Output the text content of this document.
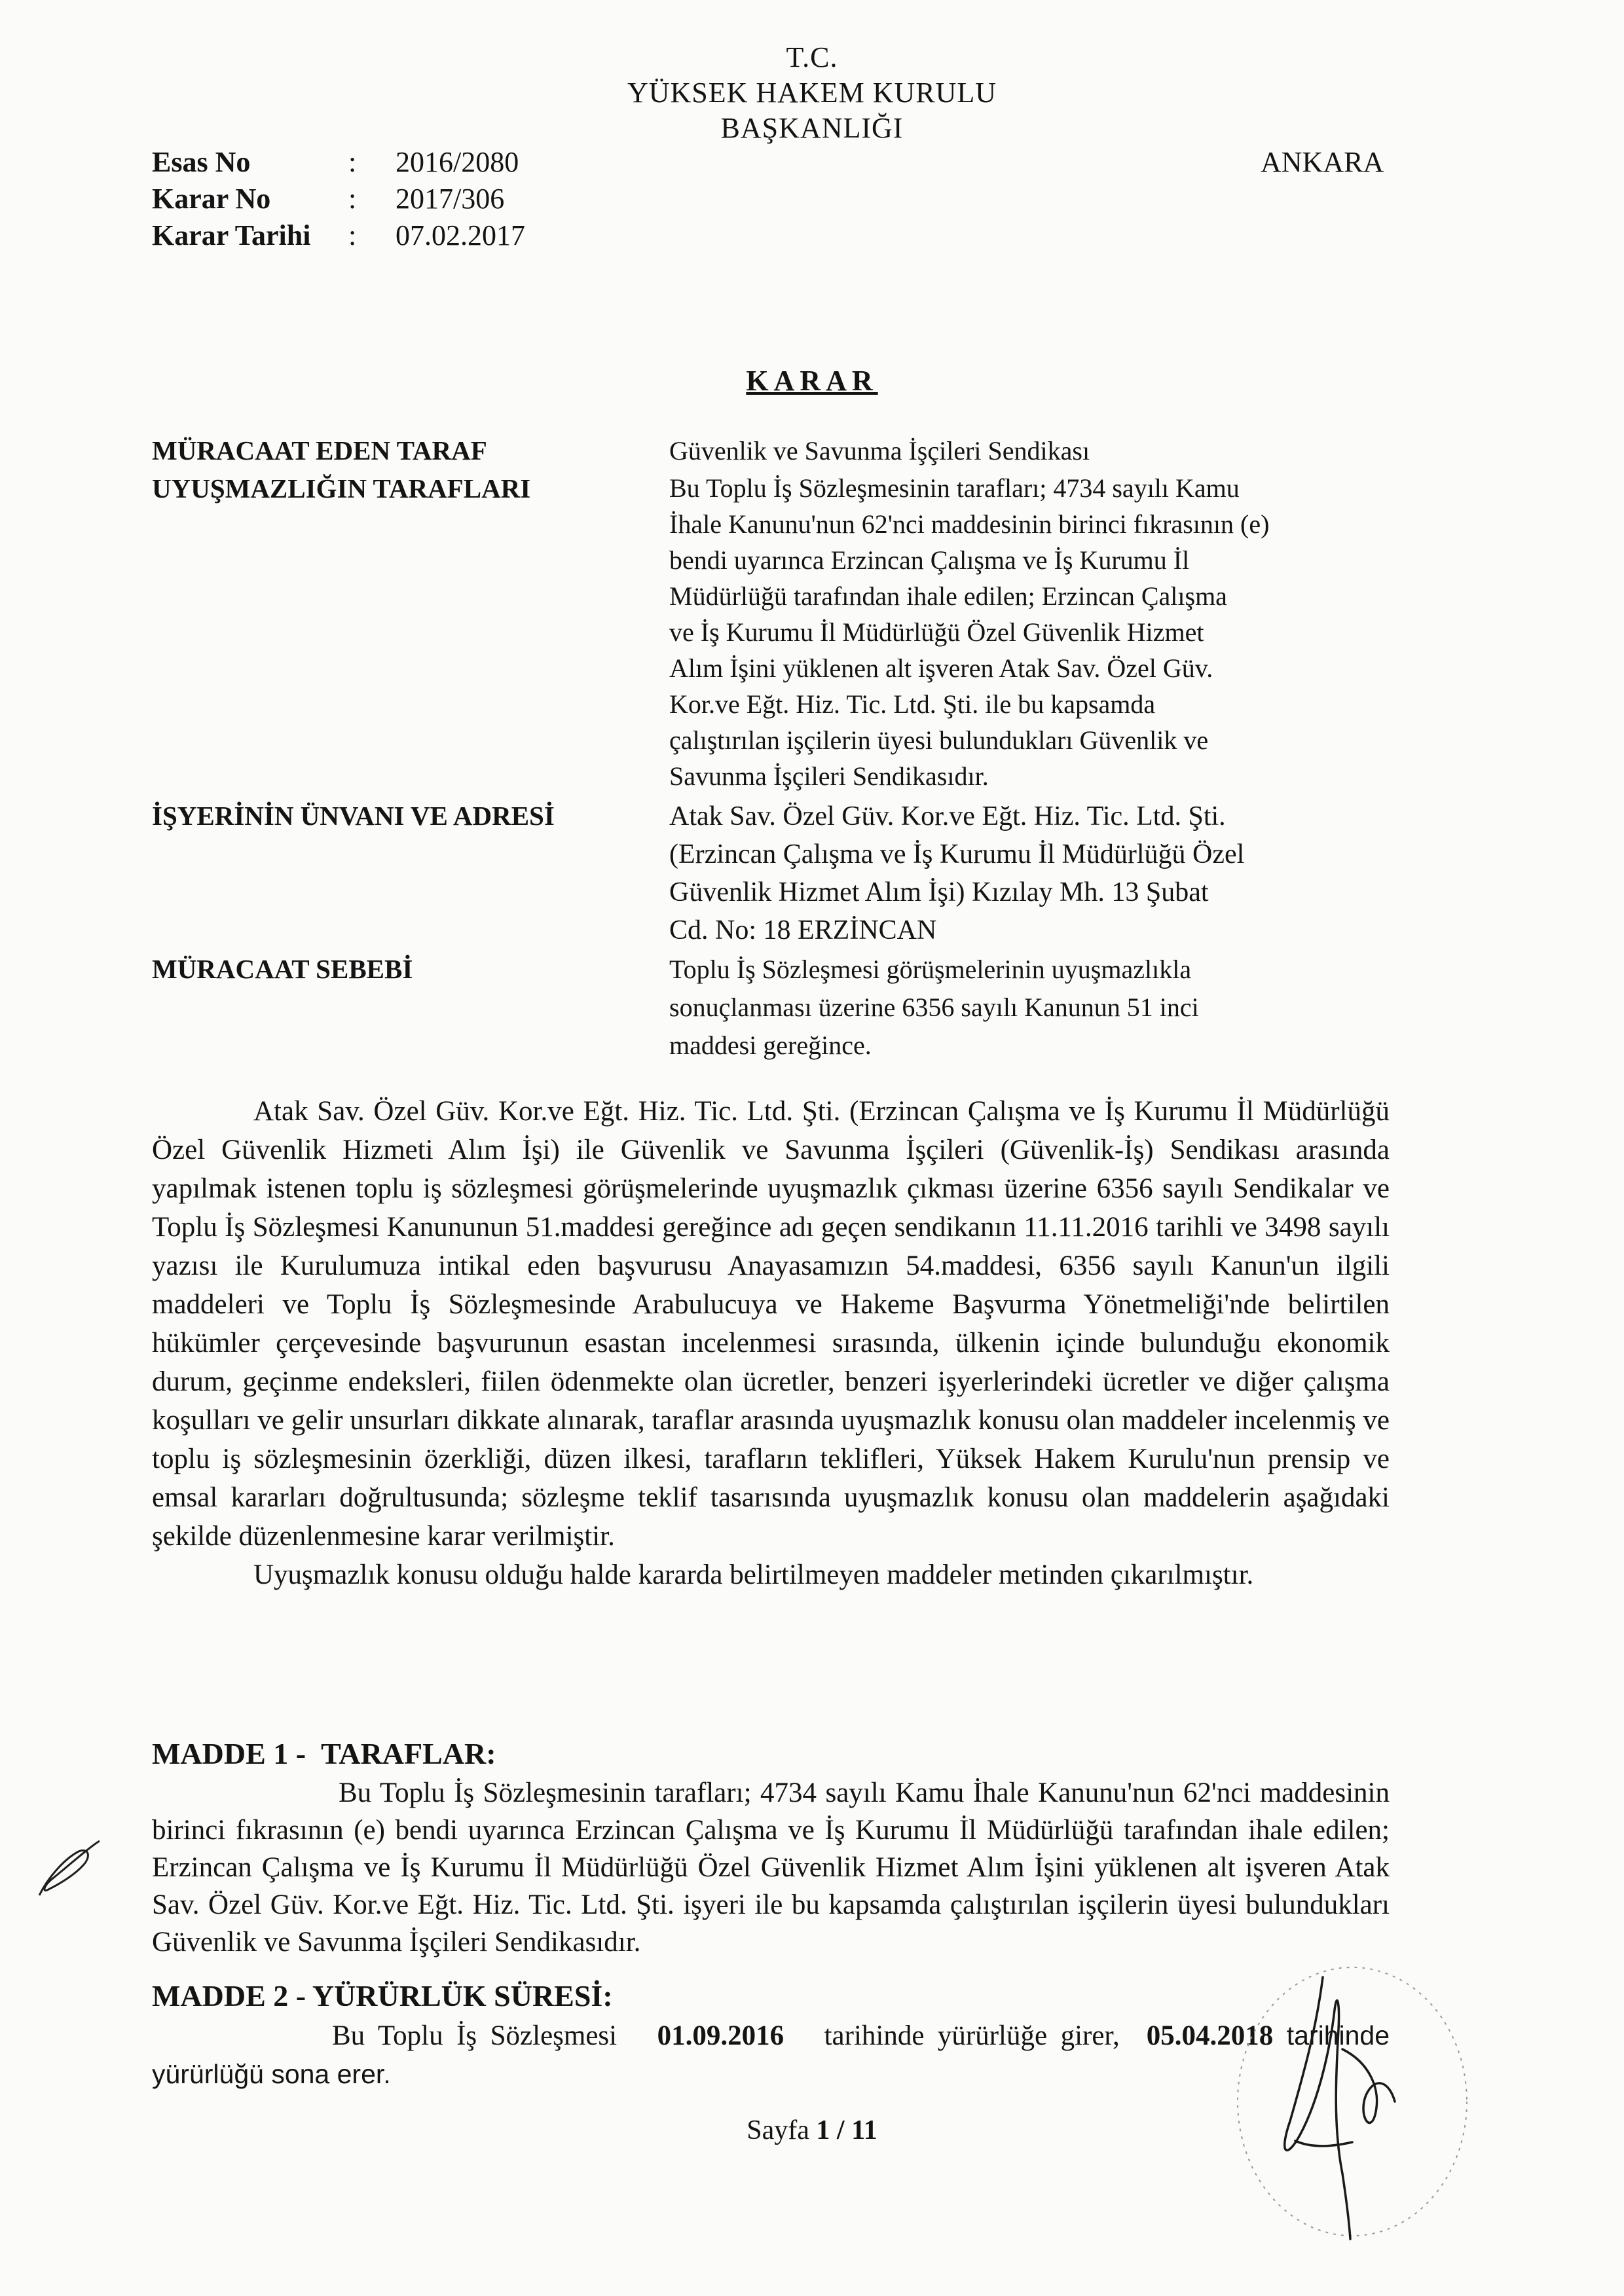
T.C.
YÜKSEK HAKEM KURULU
BAŞKANLIĞI
Esas No	: 2016/2080
Karar No	: 2017/306
Karar Tarihi : 07.02.2017
ANKARA
KARAR
MÜRACAAT EDEN TARAF
UYUŞMAZLIĞIN TARAFLARI
İŞYERİNİN ÜNVANI VE ADRESİ
MÜRACAAT SEBEBİ
Güvenlik ve Savunma İşçileri Sendikası
Bu Toplu İş Sözleşmesinin tarafları; 4734 sayılı Kamu
İhale Kanunu'nun 62'nci maddesinin birinci fıkrasının (e)
bendi uyarınca Erzincan Çalışma ve İş Kurumu İl
Müdürlüğü tarafından ihale edilen; Erzincan Çalışma
ve İş Kurumu İl Müdürlüğü Özel Güvenlik Hizmet
Alım İşini yüklenen alt işveren Atak Sav. Özel Güv.
Kor.ve Eğt. Hiz. Tic. Ltd. Şti. ile bu kapsamda
çalıştırılan işçilerin üyesi bulundukları Güvenlik ve
Savunma İşçileri Sendikasıdır.
Atak Sav. Özel Güv. Kor.ve Eğt. Hiz. Tic. Ltd. Şti.
(Erzincan Çalışma ve İş Kurumu İl Müdürlüğü Özel
Güvenlik Hizmet Alım İşi) Kızılay Mh. 13 Şubat
Cd. No: 18 ERZİNCAN
Toplu İş Sözleşmesi görüşmelerinin uyuşmazlıkla
sonuçlanması üzerine 6356 sayılı Kanunun 51 inci
maddesi gereğince.

Atak Sav. Özel Güv. Kor.ve Eğt. Hiz. Tic. Ltd. Şti. (Erzincan Çalışma ve İş Kurumu İl Müdürlüğü Özel Güvenlik Hizmeti Alım İşi) ile Güvenlik ve Savunma İşçileri (Güvenlik-İş) Sendikası arasında yapılmak istenen toplu iş sözleşmesi görüşmelerinde uyuşmazlık çıkması üzerine 6356 sayılı Sendikalar ve Toplu İş Sözleşmesi Kanununun 51.maddesi gereğince adı geçen sendikanın 11.11.2016 tarihli ve 3498 sayılı yazısı ile Kurulumuza intikal eden başvurusu Anayasamızın 54.maddesi, 6356 sayılı Kanun'un ilgili maddeleri ve Toplu İş Sözleşmesinde Arabulucuya ve Hakeme Başvurma Yönetmeliği'nde belirtilen hükümler çerçevesinde başvurunun esastan incelenmesi sırasında, ülkenin içinde bulunduğu ekonomik durum, geçinme endeksleri, fiilen ödenmekte olan ücretler, benzeri işyerlerindeki ücretler ve diğer çalışma koşulları ve gelir unsurları dikkate alınarak, taraflar arasında uyuşmazlık konusu olan maddeler incelenmiş ve toplu iş sözleşmesinin özerkliği, düzen ilkesi, tarafların teklifleri, Yüksek Hakem Kurulu'nun prensip ve emsal kararları doğrultusunda; sözleşme teklif tasarısında uyuşmazlık konusu olan maddelerin aşağıdaki şekilde düzenlenmesine karar verilmiştir.

Uyuşmazlık konusu olduğu halde kararda belirtilmeyen maddeler metinden çıkarılmıştır.

MADDE 1 - TARAFLAR:

Bu Toplu İş Sözleşmesinin tarafları; 4734 sayılı Kamu İhale Kanunu'nun 62'nci maddesinin birinci fıkrasının (e) bendi uyarınca Erzincan Çalışma ve İş Kurumu İl Müdürlüğü tarafından ihale edilen; Erzincan Çalışma ve İş Kurumu İl Müdürlüğü Özel Güvenlik Hizmet Alım İşini yüklenen alt işveren Atak Sav. Özel Güv. Kor.ve Eğt. Hiz. Tic. Ltd. Şti. işyeri ile bu kapsamda çalıştırılan işçilerin üyesi bulundukları Güvenlik ve Savunma İşçileri Sendikasıdır.

MADDE 2 - YÜRÜRLÜK SÜRESİ:

Bu Toplu İş Sözleşmesi 01.09.2016 tarihinde yürürlüğe girer, 05.04.2018 tarihinde yürürlüğü sona erer.

Sayfa 1 / 11
